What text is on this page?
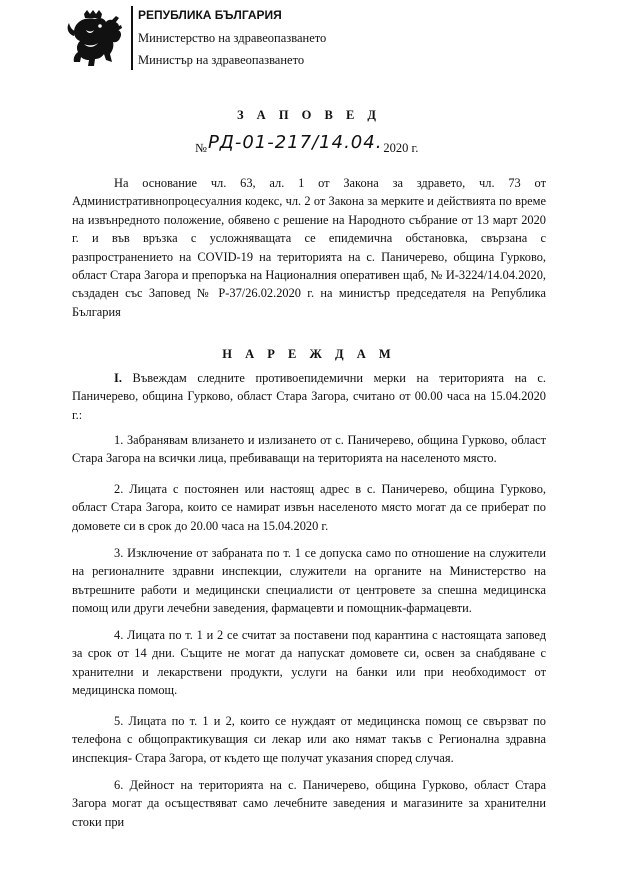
РЕПУБЛИКА БЪЛГАРИЯ
Министерство на здравеопазването
Министър на здравеопазването
З А П О В Е Д
№РД-01-217/14.04.2020 г.

На основание чл. 63, ал. 1 от Закона за здравето, чл. 73 от Административнопроцесуалния кодекс, чл. 2 от Закона за мерките и действията по време на извънредното положение, обявено с решение на Народното събрание от 13 март 2020 г. и във връзка с усложняващата се епидемична обстановка, свързана с разпространението на COVID-19 на територията на с. Паничерево, община Гурково, област Стара Загора и препоръка на Националния оперативен щаб, № И-3224/14.04.2020, създаден със Заповед № Р-37/26.02.2020 г. на министър председателя на Република България

Н А Р Е Ж Д А М

I. Въвеждам следните противоепидемични мерки на територията на с. Паничерево, община Гурково, област Стара Загора, считано от 00.00 часа на 15.04.2020 г.:

1. Забранявам влизането и излизането от с. Паничерево, община Гурково, област Стара Загора на всички лица, пребиваващи на територията на населеното място.

2. Лицата с постоянен или настоящ адрес в с. Паничерево, община Гурково, област Стара Загора, които се намират извън населеното място могат да се приберат по домовете си в срок до 20.00 часа на 15.04.2020 г.

3. Изключение от забраната по т. 1 се допуска само по отношение на служители на регионалните здравни инспекции, служители на органите на Министерство на вътрешните работи и медицински специалисти от центровете за спешна медицинска помощ или други лечебни заведения, фармацевти и помощник-фармацевти.

4. Лицата по т. 1 и 2 се считат за поставени под карантина с настоящата заповед за срок от 14 дни. Същите не могат да напускат домовете си, освен за снабдяване с хранителни и лекарствени продукти, услуги на банки или при необходимост от медицинска помощ.

5. Лицата по т. 1 и 2, които се нуждаят от медицинска помощ се свързват по телефона с общопрактикуващия си лекар или ако нямат такъв с Регионална здравна инспекция- Стара Загора, от където ще получат указания според случая.

6. Дейност на територията на с. Паничерево, община Гурково, област Стара Загора могат да осъществяват само лечебните заведения и магазините за хранителни стоки при
